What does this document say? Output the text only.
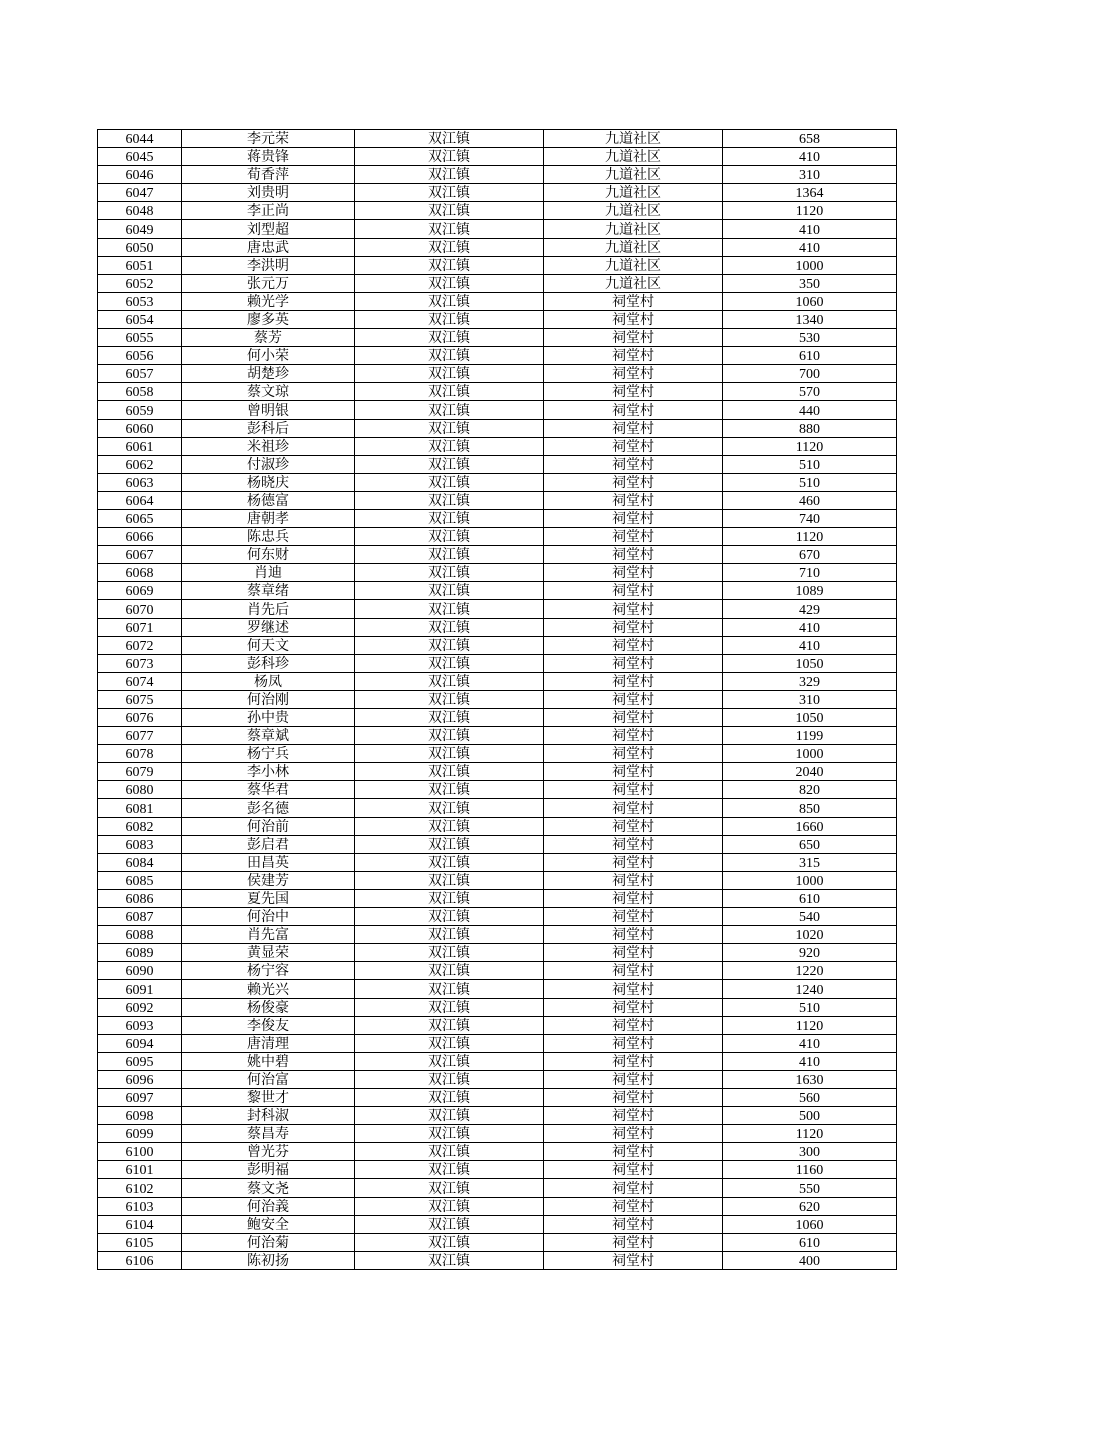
6044	李元荣	双江镇	九道社区	658
6045	蒋贵锋	双江镇	九道社区	410
6046	荀香萍	双江镇	九道社区	310
6047	刘贵明	双江镇	九道社区	1364
6048	李正尚	双江镇	九道社区	1120
6049	刘型超	双江镇	九道社区	410
6050	唐忠武	双江镇	九道社区	410
6051	李洪明	双江镇	九道社区	1000
6052	张元万	双江镇	九道社区	350
6053	赖光学	双江镇	祠堂村	1060
6054	廖多英	双江镇	祠堂村	1340
6055	蔡芳	双江镇	祠堂村	530
6056	何小荣	双江镇	祠堂村	610
6057	胡楚珍	双江镇	祠堂村	700
6058	蔡文琼	双江镇	祠堂村	570
6059	曾明银	双江镇	祠堂村	440
6060	彭科后	双江镇	祠堂村	880
6061	米祖珍	双江镇	祠堂村	1120
6062	付淑珍	双江镇	祠堂村	510
6063	杨晓庆	双江镇	祠堂村	510
6064	杨德富	双江镇	祠堂村	460
6065	唐朝孝	双江镇	祠堂村	740
6066	陈忠兵	双江镇	祠堂村	1120
6067	何东财	双江镇	祠堂村	670
6068	肖迪	双江镇	祠堂村	710
6069	蔡章绪	双江镇	祠堂村	1089
6070	肖先后	双江镇	祠堂村	429
6071	罗继述	双江镇	祠堂村	410
6072	何天文	双江镇	祠堂村	410
6073	彭科珍	双江镇	祠堂村	1050
6074	杨凤	双江镇	祠堂村	329
6075	何治刚	双江镇	祠堂村	310
6076	孙中贵	双江镇	祠堂村	1050
6077	蔡章斌	双江镇	祠堂村	1199
6078	杨宁兵	双江镇	祠堂村	1000
6079	李小林	双江镇	祠堂村	2040
6080	蔡华君	双江镇	祠堂村	820
6081	彭名德	双江镇	祠堂村	850
6082	何治前	双江镇	祠堂村	1660
6083	彭启君	双江镇	祠堂村	650
6084	田昌英	双江镇	祠堂村	315
6085	侯建芳	双江镇	祠堂村	1000
6086	夏先国	双江镇	祠堂村	610
6087	何治中	双江镇	祠堂村	540
6088	肖先富	双江镇	祠堂村	1020
6089	黄显荣	双江镇	祠堂村	920
6090	杨宁容	双江镇	祠堂村	1220
6091	赖光兴	双江镇	祠堂村	1240
6092	杨俊豪	双江镇	祠堂村	510
6093	李俊友	双江镇	祠堂村	1120
6094	唐清理	双江镇	祠堂村	410
6095	姚中碧	双江镇	祠堂村	410
6096	何治富	双江镇	祠堂村	1630
6097	黎世才	双江镇	祠堂村	560
6098	封科淑	双江镇	祠堂村	500
6099	蔡昌寿	双江镇	祠堂村	1120
6100	曾光芬	双江镇	祠堂村	300
6101	彭明福	双江镇	祠堂村	1160
6102	蔡文尧	双江镇	祠堂村	550
6103	何治義	双江镇	祠堂村	620
6104	鲍安全	双江镇	祠堂村	1060
6105	何治菊	双江镇	祠堂村	610
6106	陈初扬	双江镇	祠堂村	400
